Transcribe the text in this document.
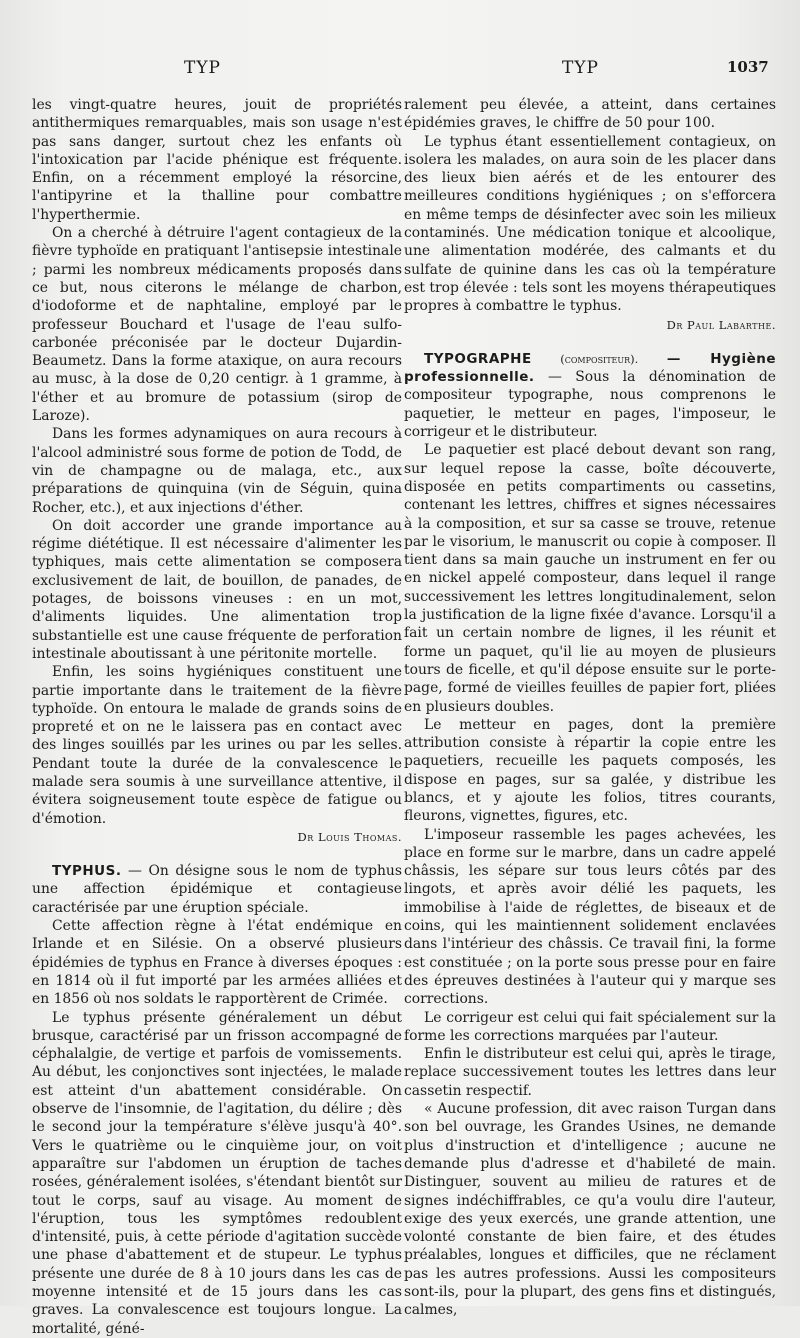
TYP	TYP	1037

les vingt-quatre heures, jouit de propriétés antithermiques remarquables, mais son usage n'est pas sans danger, surtout chez les enfants où l'intoxication par l'acide phénique est fréquente. Enfin, on a récemment employé la résorcine, l'antipyrine et la thalline pour combattre l'hyperthermie.

On a cherché à détruire l'agent contagieux de la fièvre typhoïde en pratiquant l'antisepsie intestinale ; parmi les nombreux médicaments proposés dans ce but, nous citerons le mélange de charbon, d'iodoforme et de naphtaline, employé par le professeur Bouchard et l'usage de l'eau sulfo-carbonée préconisée par le docteur Dujardin-Beaumetz. Dans la forme ataxique, on aura recours au musc, à la dose de 0,20 centigr. à 1 gramme, à l'éther et au bromure de potassium (sirop de Laroze).

Dans les formes adynamiques on aura recours à l'alcool administré sous forme de potion de Todd, de vin de champagne ou de malaga, etc., aux préparations de quinquina (vin de Séguin, quina Rocher, etc.), et aux injections d'éther.

On doit accorder une grande importance au régime diététique. Il est nécessaire d'alimenter les typhiques, mais cette alimentation se composera exclusivement de lait, de bouillon, de panades, de potages, de boissons vineuses : en un mot, d'aliments liquides. Une alimentation trop substantielle est une cause fréquente de perforation intestinale aboutissant à une péritonite mortelle.

Enfin, les soins hygiéniques constituent une partie importante dans le traitement de la fièvre typhoïde. On entoura le malade de grands soins de propreté et on ne le laissera pas en contact avec des linges souillés par les urines ou par les selles. Pendant toute la durée de la convalescence le malade sera soumis à une surveillance attentive, il évitera soigneusement toute espèce de fatigue ou d'émotion.

Dr Louis Thomas.

TYPHUS. — On désigne sous le nom de typhus une affection épidémique et contagieuse caractérisée par une éruption spéciale.

Cette affection règne à l'état endémique en Irlande et en Silésie. On a observé plusieurs épidémies de typhus en France à diverses époques : en 1814 où il fut importé par les armées alliées et en 1856 où nos soldats le rapportèrent de Crimée.

Le typhus présente généralement un début brusque, caractérisé par un frisson accompagné de céphalalgie, de vertige et parfois de vomissements. Au début, les conjonctives sont injectées, le malade est atteint d'un abattement considérable. On observe de l'insomnie, de l'agitation, du délire ; dès le second jour la température s'élève jusqu'à 40°. Vers le quatrième ou le cinquième jour, on voit apparaître sur l'abdomen un éruption de taches rosées, généralement isolées, s'étendant bientôt sur tout le corps, sauf au visage. Au moment de l'éruption, tous les symptômes redoublent d'intensité, puis, à cette période d'agitation succède une phase d'abattement et de stupeur. Le typhus présente une durée de 8 à 10 jours dans les cas de moyenne intensité et de 15 jours dans les cas graves. La convalescence est toujours longue. La mortalité, géné-

ralement peu élevée, a atteint, dans certaines épidémies graves, le chiffre de 50 pour 100.

Le typhus étant essentiellement contagieux, on isolera les malades, on aura soin de les placer dans des lieux bien aérés et de les entourer des meilleures conditions hygiéniques ; on s'efforcera en même temps de désinfecter avec soin les milieux contaminés. Une médication tonique et alcoolique, une alimentation modérée, des calmants et du sulfate de quinine dans les cas où la température est trop élevée : tels sont les moyens thérapeutiques propres à combattre le typhus.

Dr Paul Labarthe.

TYPOGRAPHE (compositeur). — Hygiène professionnelle. — Sous la dénomination de compositeur typographe, nous comprenons le paquetier, le metteur en pages, l'imposeur, le corrigeur et le distributeur.

Le paquetier est placé debout devant son rang, sur lequel repose la casse, boîte découverte, disposée en petits compartiments ou cassetins, contenant les lettres, chiffres et signes nécessaires à la composition, et sur sa casse se trouve, retenue par le visorium, le manuscrit ou copie à composer. Il tient dans sa main gauche un instrument en fer ou en nickel appelé composteur, dans lequel il range successivement les lettres longitudinalement, selon la justification de la ligne fixée d'avance. Lorsqu'il a fait un certain nombre de lignes, il les réunit et forme un paquet, qu'il lie au moyen de plusieurs tours de ficelle, et qu'il dépose ensuite sur le porte-page, formé de vieilles feuilles de papier fort, pliées en plusieurs doubles.

Le metteur en pages, dont la première attribution consiste à répartir la copie entre les paquetiers, recueille les paquets composés, les dispose en pages, sur sa galée, y distribue les blancs, et y ajoute les folios, titres courants, fleurons, vignettes, figures, etc.

L'imposeur rassemble les pages achevées, les place en forme sur le marbre, dans un cadre appelé châssis, les sépare sur tous leurs côtés par des lingots, et après avoir délié les paquets, les immobilise à l'aide de réglettes, de biseaux et de coins, qui les maintiennent solidement enclavées dans l'intérieur des châssis. Ce travail fini, la forme est constituée ; on la porte sous presse pour en faire des épreuves destinées à l'auteur qui y marque ses corrections.

Le corrigeur est celui qui fait spécialement sur la forme les corrections marquées par l'auteur.

Enfin le distributeur est celui qui, après le tirage, replace successivement toutes les lettres dans leur cassetin respectif.

« Aucune profession, dit avec raison Turgan dans son bel ouvrage, les Grandes Usines, ne demande plus d'instruction et d'intelligence ; aucune ne demande plus d'adresse et d'habileté de main. Distinguer, souvent au milieu de ratures et de signes indéchiffrables, ce qu'a voulu dire l'auteur, exige des yeux exercés, une grande attention, une volonté constante de bien faire, et des études préalables, longues et difficiles, que ne réclament pas les autres professions. Aussi les compositeurs sont-ils, pour la plupart, des gens fins et distingués, calmes,
